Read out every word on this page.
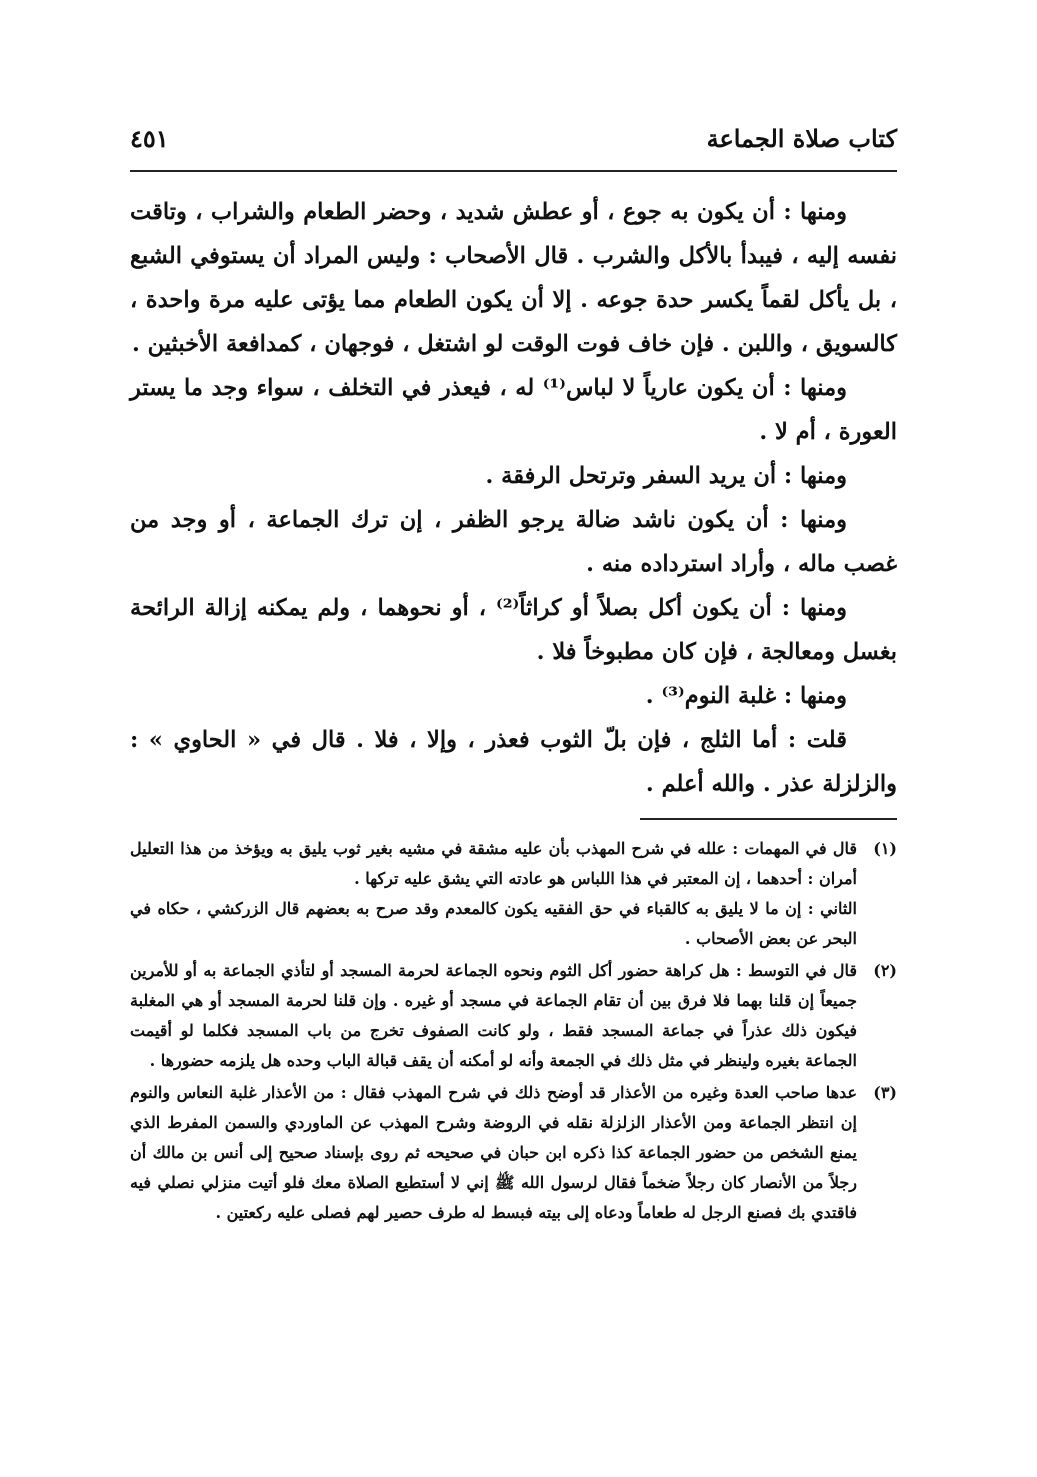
كتاب صلاة الجماعة
٤٥١

ومنها : أن يكون به جوع ، أو عطش شديد ، وحضر الطعام والشراب ، وتاقت نفسه إليه ، فيبدأ بالأكل والشرب . قال الأصحاب : وليس المراد أن يستوفي الشبع ، بل يأكل لقماً يكسر حدة جوعه . إلا أن يكون الطعام مما يؤتى عليه مرة واحدة ، كالسويق ، واللبن . فإن خاف فوت الوقت لو اشتغل ، فوجهان ، كمدافعة الأخبثين .

ومنها : أن يكون عارياً لا لباس⁽¹⁾ له ، فيعذر في التخلف ، سواء وجد ما يستر العورة ، أم لا .

ومنها : أن يريد السفر وترتحل الرفقة .

ومنها : أن يكون ناشد ضالة يرجو الظفر ، إن ترك الجماعة ، أو وجد من غصب ماله ، وأراد استرداده منه .

ومنها : أن يكون أكل بصلاً أو كراثاً⁽²⁾ ، أو نحوهما ، ولم يمكنه إزالة الرائحة بغسل ومعالجة ، فإن كان مطبوخاً فلا .

ومنها : غلبة النوم⁽³⁾ .

قلت : أما الثلج ، فإن بلّ الثوب فعذر ، وإلا ، فلا . قال في « الحاوي » : والزلزلة عذر . والله أعلم .

(١)

قال في المهمات : علله في شرح المهذب بأن عليه مشقة في مشيه بغير ثوب يليق به ويؤخذ من هذا التعليل أمران : أحدهما ، إن المعتبر في هذا اللباس هو عادته التي يشق عليه تركها .

الثاني : إن ما لا يليق به كالقباء في حق الفقيه يكون كالمعدم وقد صرح به بعضهم قال الزركشي ، حكاه في البحر عن بعض الأصحاب .

(٢)

قال في التوسط : هل كراهة حضور أكل الثوم ونحوه الجماعة لحرمة المسجد أو لتأذي الجماعة به أو للأمرين جميعاً إن قلنا بهما فلا فرق بين أن تقام الجماعة في مسجد أو غيره . وإن قلنا لحرمة المسجد أو هي المغلبة فيكون ذلك عذراً في جماعة المسجد فقط ، ولو كانت الصفوف تخرج من باب المسجد فكلما لو أقيمت الجماعة بغيره ولينظر في مثل ذلك في الجمعة وأنه لو أمكنه أن يقف قبالة الباب وحده هل يلزمه حضورها .

(٣)

عدها صاحب العدة وغيره من الأعذار قد أوضح ذلك في شرح المهذب فقال : من الأعذار غلبة النعاس والنوم إن انتظر الجماعة ومن الأعذار الزلزلة نقله في الروضة وشرح المهذب عن الماوردي والسمن المفرط الذي يمنع الشخص من حضور الجماعة كذا ذكره ابن حبان في صحيحه ثم روى بإسناد صحيح إلى أنس بن مالك أن رجلاً من الأنصار كان رجلاً ضخماً فقال لرسول الله ﷺ إني لا أستطيع الصلاة معك فلو أتيت منزلي نصلي فيه فاقتدي بك فصنع الرجل له طعاماً ودعاه إلى بيته فبسط له طرف حصير لهم فصلى عليه ركعتين .
